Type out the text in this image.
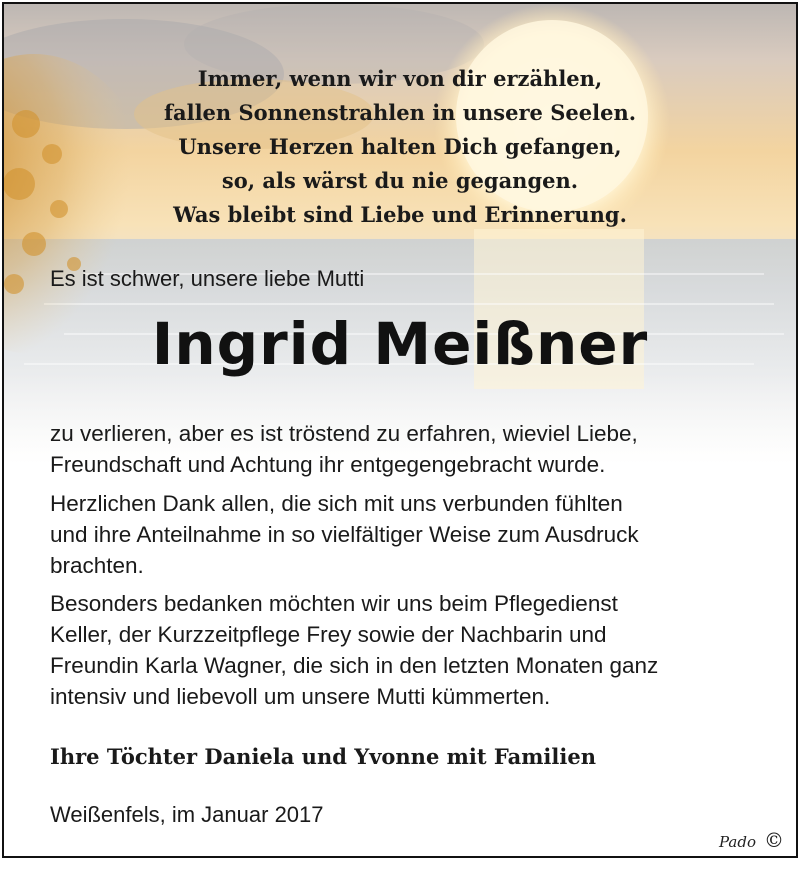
Immer, wenn wir von dir erzählen,
fallen Sonnenstrahlen in unsere Seelen.
Unsere Herzen halten Dich gefangen,
so, als wärst du nie gegangen.
Was bleibt sind Liebe und Erinnerung.
Es ist schwer, unsere liebe Mutti
Ingrid Meißner
zu verlieren, aber es ist tröstend zu erfahren, wieviel Liebe,
Freundschaft und Achtung ihr entgegengebracht wurde.
Herzlichen Dank allen, die sich mit uns verbunden fühlten
und ihre Anteilnahme in so vielfältiger Weise zum Ausdruck
brachten.
Besonders bedanken möchten wir uns beim Pflegedienst
Keller, der Kurzzeitpflege Frey sowie der Nachbarin und
Freundin Karla Wagner, die sich in den letzten Monaten ganz
intensiv und liebevoll um unsere Mutti kümmerten.
Ihre Töchter Daniela und Yvonne mit Familien
Weißenfels, im Januar 2017
Pado ©
